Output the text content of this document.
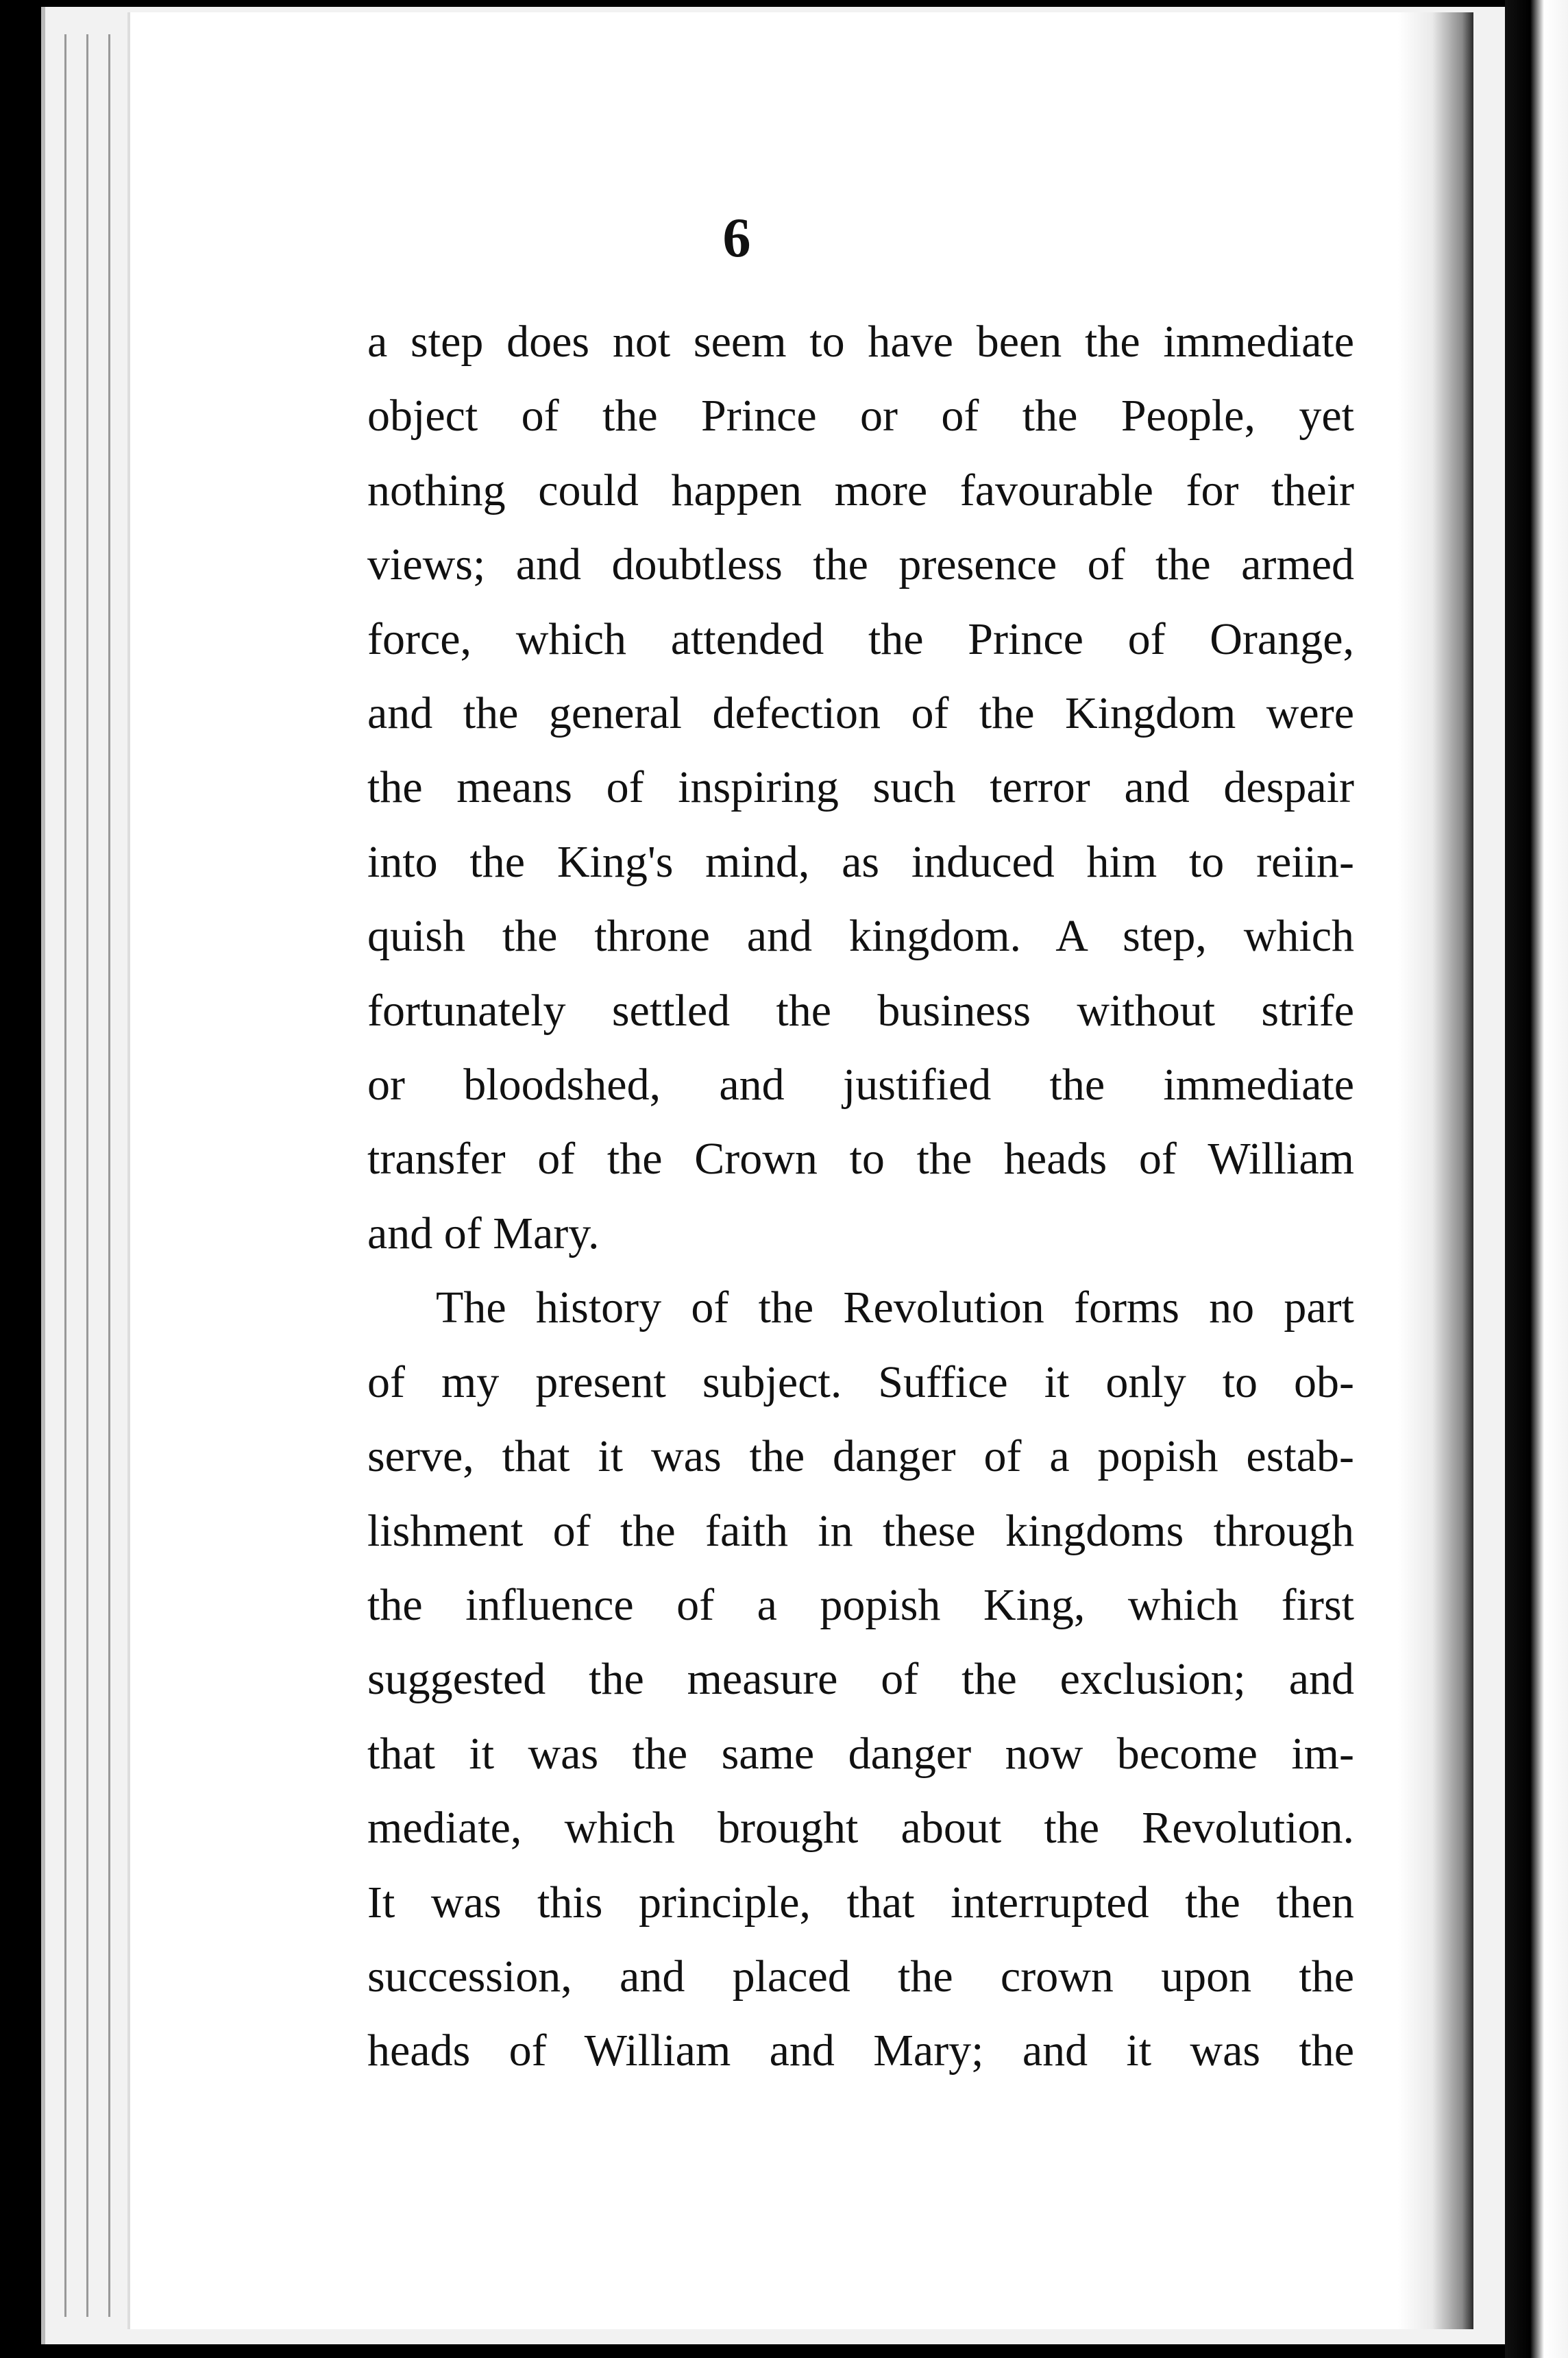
6
a step does not seem to have been the immediate
object of the Prince or of the People, yet
nothing could happen more favourable for their
views; and doubtless the presence of the armed
force, which attended the Prince of Orange,
and the general defection of the Kingdom were
the means of inspiring such terror and despair
into the King's mind, as induced him to reiin-
quish the throne and kingdom. A step, which
fortunately settled the business without strife
or bloodshed, and justified the immediate
transfer of the Crown to the heads of William
and of Mary.
The history of the Revolution forms no part
of my present subject. Suffice it only to ob-
serve, that it was the danger of a popish estab-
lishment of the faith in these kingdoms through
the influence of a popish King, which first
suggested the measure of the exclusion; and
that it was the same danger now become im-
mediate, which brought about the Revolution.
It was this principle, that interrupted the then
succession, and placed the crown upon the
heads of William and Mary; and it was the
